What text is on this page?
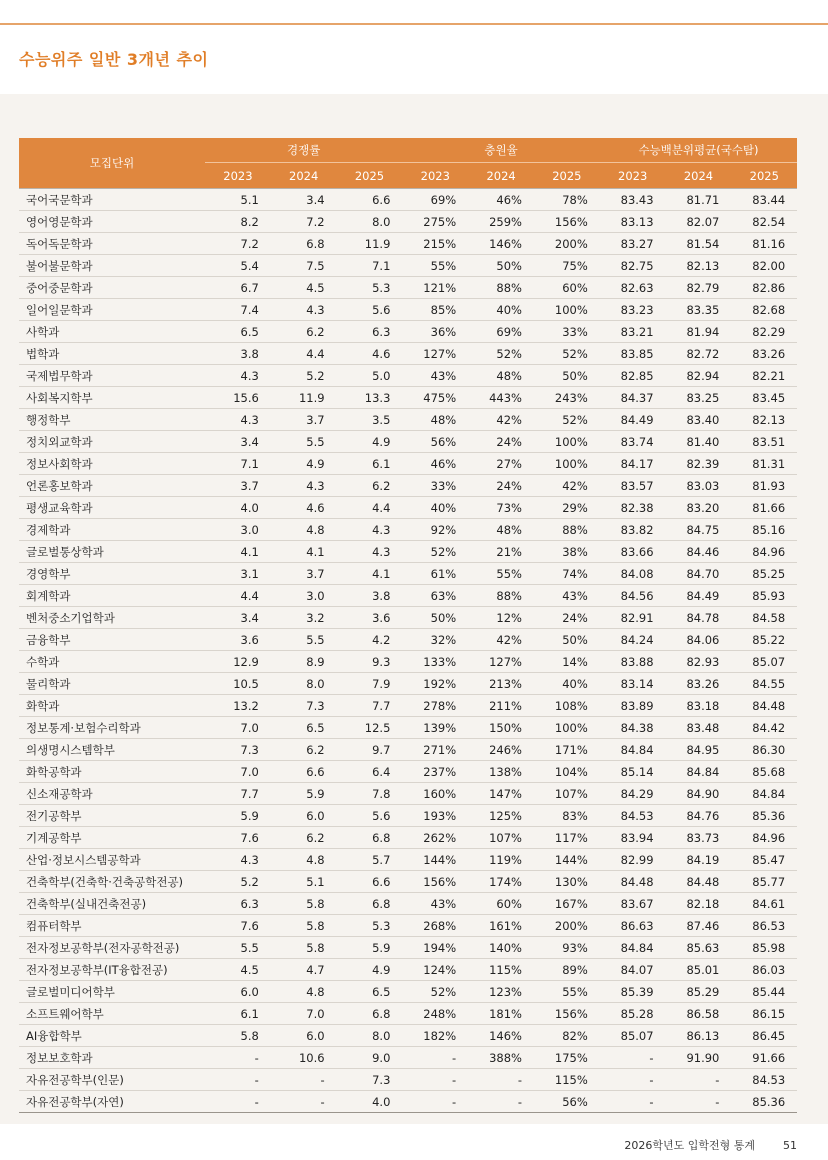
수능위주 일반 3개년 추이
모집단위	경쟁률			충원율			수능백분위평균(국수탐)		
	2023	2024	2025	2023	2024	2025	2023	2024	2025
국어국문학과	5.1	3.4	6.6	69%	46%	78%	83.43	81.71	83.44
영어영문학과	8.2	7.2	8.0	275%	259%	156%	83.13	82.07	82.54
독어독문학과	7.2	6.8	11.9	215%	146%	200%	83.27	81.54	81.16
불어불문학과	5.4	7.5	7.1	55%	50%	75%	82.75	82.13	82.00
중어중문학과	6.7	4.5	5.3	121%	88%	60%	82.63	82.79	82.86
일어일문학과	7.4	4.3	5.6	85%	40%	100%	83.23	83.35	82.68
사학과	6.5	6.2	6.3	36%	69%	33%	83.21	81.94	82.29
법학과	3.8	4.4	4.6	127%	52%	52%	83.85	82.72	83.26
국제법무학과	4.3	5.2	5.0	43%	48%	50%	82.85	82.94	82.21
사회복지학부	15.6	11.9	13.3	475%	443%	243%	84.37	83.25	83.45
행정학부	4.3	3.7	3.5	48%	42%	52%	84.49	83.40	82.13
정치외교학과	3.4	5.5	4.9	56%	24%	100%	83.74	81.40	83.51
정보사회학과	7.1	4.9	6.1	46%	27%	100%	84.17	82.39	81.31
언론홍보학과	3.7	4.3	6.2	33%	24%	42%	83.57	83.03	81.93
평생교육학과	4.0	4.6	4.4	40%	73%	29%	82.38	83.20	81.66
경제학과	3.0	4.8	4.3	92%	48%	88%	83.82	84.75	85.16
글로벌통상학과	4.1	4.1	4.3	52%	21%	38%	83.66	84.46	84.96
경영학부	3.1	3.7	4.1	61%	55%	74%	84.08	84.70	85.25
회계학과	4.4	3.0	3.8	63%	88%	43%	84.56	84.49	85.93
벤처중소기업학과	3.4	3.2	3.6	50%	12%	24%	82.91	84.78	84.58
금융학부	3.6	5.5	4.2	32%	42%	50%	84.24	84.06	85.22
수학과	12.9	8.9	9.3	133%	127%	14%	83.88	82.93	85.07
물리학과	10.5	8.0	7.9	192%	213%	40%	83.14	83.26	84.55
화학과	13.2	7.3	7.7	278%	211%	108%	83.89	83.18	84.48
정보통계·보험수리학과	7.0	6.5	12.5	139%	150%	100%	84.38	83.48	84.42
의생명시스템학부	7.3	6.2	9.7	271%	246%	171%	84.84	84.95	86.30
화학공학과	7.0	6.6	6.4	237%	138%	104%	85.14	84.84	85.68
신소재공학과	7.7	5.9	7.8	160%	147%	107%	84.29	84.90	84.84
전기공학부	5.9	6.0	5.6	193%	125%	83%	84.53	84.76	85.36
기계공학부	7.6	6.2	6.8	262%	107%	117%	83.94	83.73	84.96
산업·정보시스템공학과	4.3	4.8	5.7	144%	119%	144%	82.99	84.19	85.47
건축학부(건축학·건축공학전공)	5.2	5.1	6.6	156%	174%	130%	84.48	84.48	85.77
건축학부(실내건축전공)	6.3	5.8	6.8	43%	60%	167%	83.67	82.18	84.61
컴퓨터학부	7.6	5.8	5.3	268%	161%	200%	86.63	87.46	86.53
전자정보공학부(전자공학전공)	5.5	5.8	5.9	194%	140%	93%	84.84	85.63	85.98
전자정보공학부(IT융합전공)	4.5	4.7	4.9	124%	115%	89%	84.07	85.01	86.03
글로벌미디어학부	6.0	4.8	6.5	52%	123%	55%	85.39	85.29	85.44
소프트웨어학부	6.1	7.0	6.8	248%	181%	156%	85.28	86.58	86.15
AI융합학부	5.8	6.0	8.0	182%	146%	82%	85.07	86.13	86.45
정보보호학과	-	10.6	9.0	-	388%	175%	-	91.90	91.66
자유전공학부(인문)	-	-	7.3	-	-	115%	-	-	84.53
자유전공학부(자연)	-	-	4.0	-	-	56%	-	-	85.36
2026학년도 입학전형 통계	51
